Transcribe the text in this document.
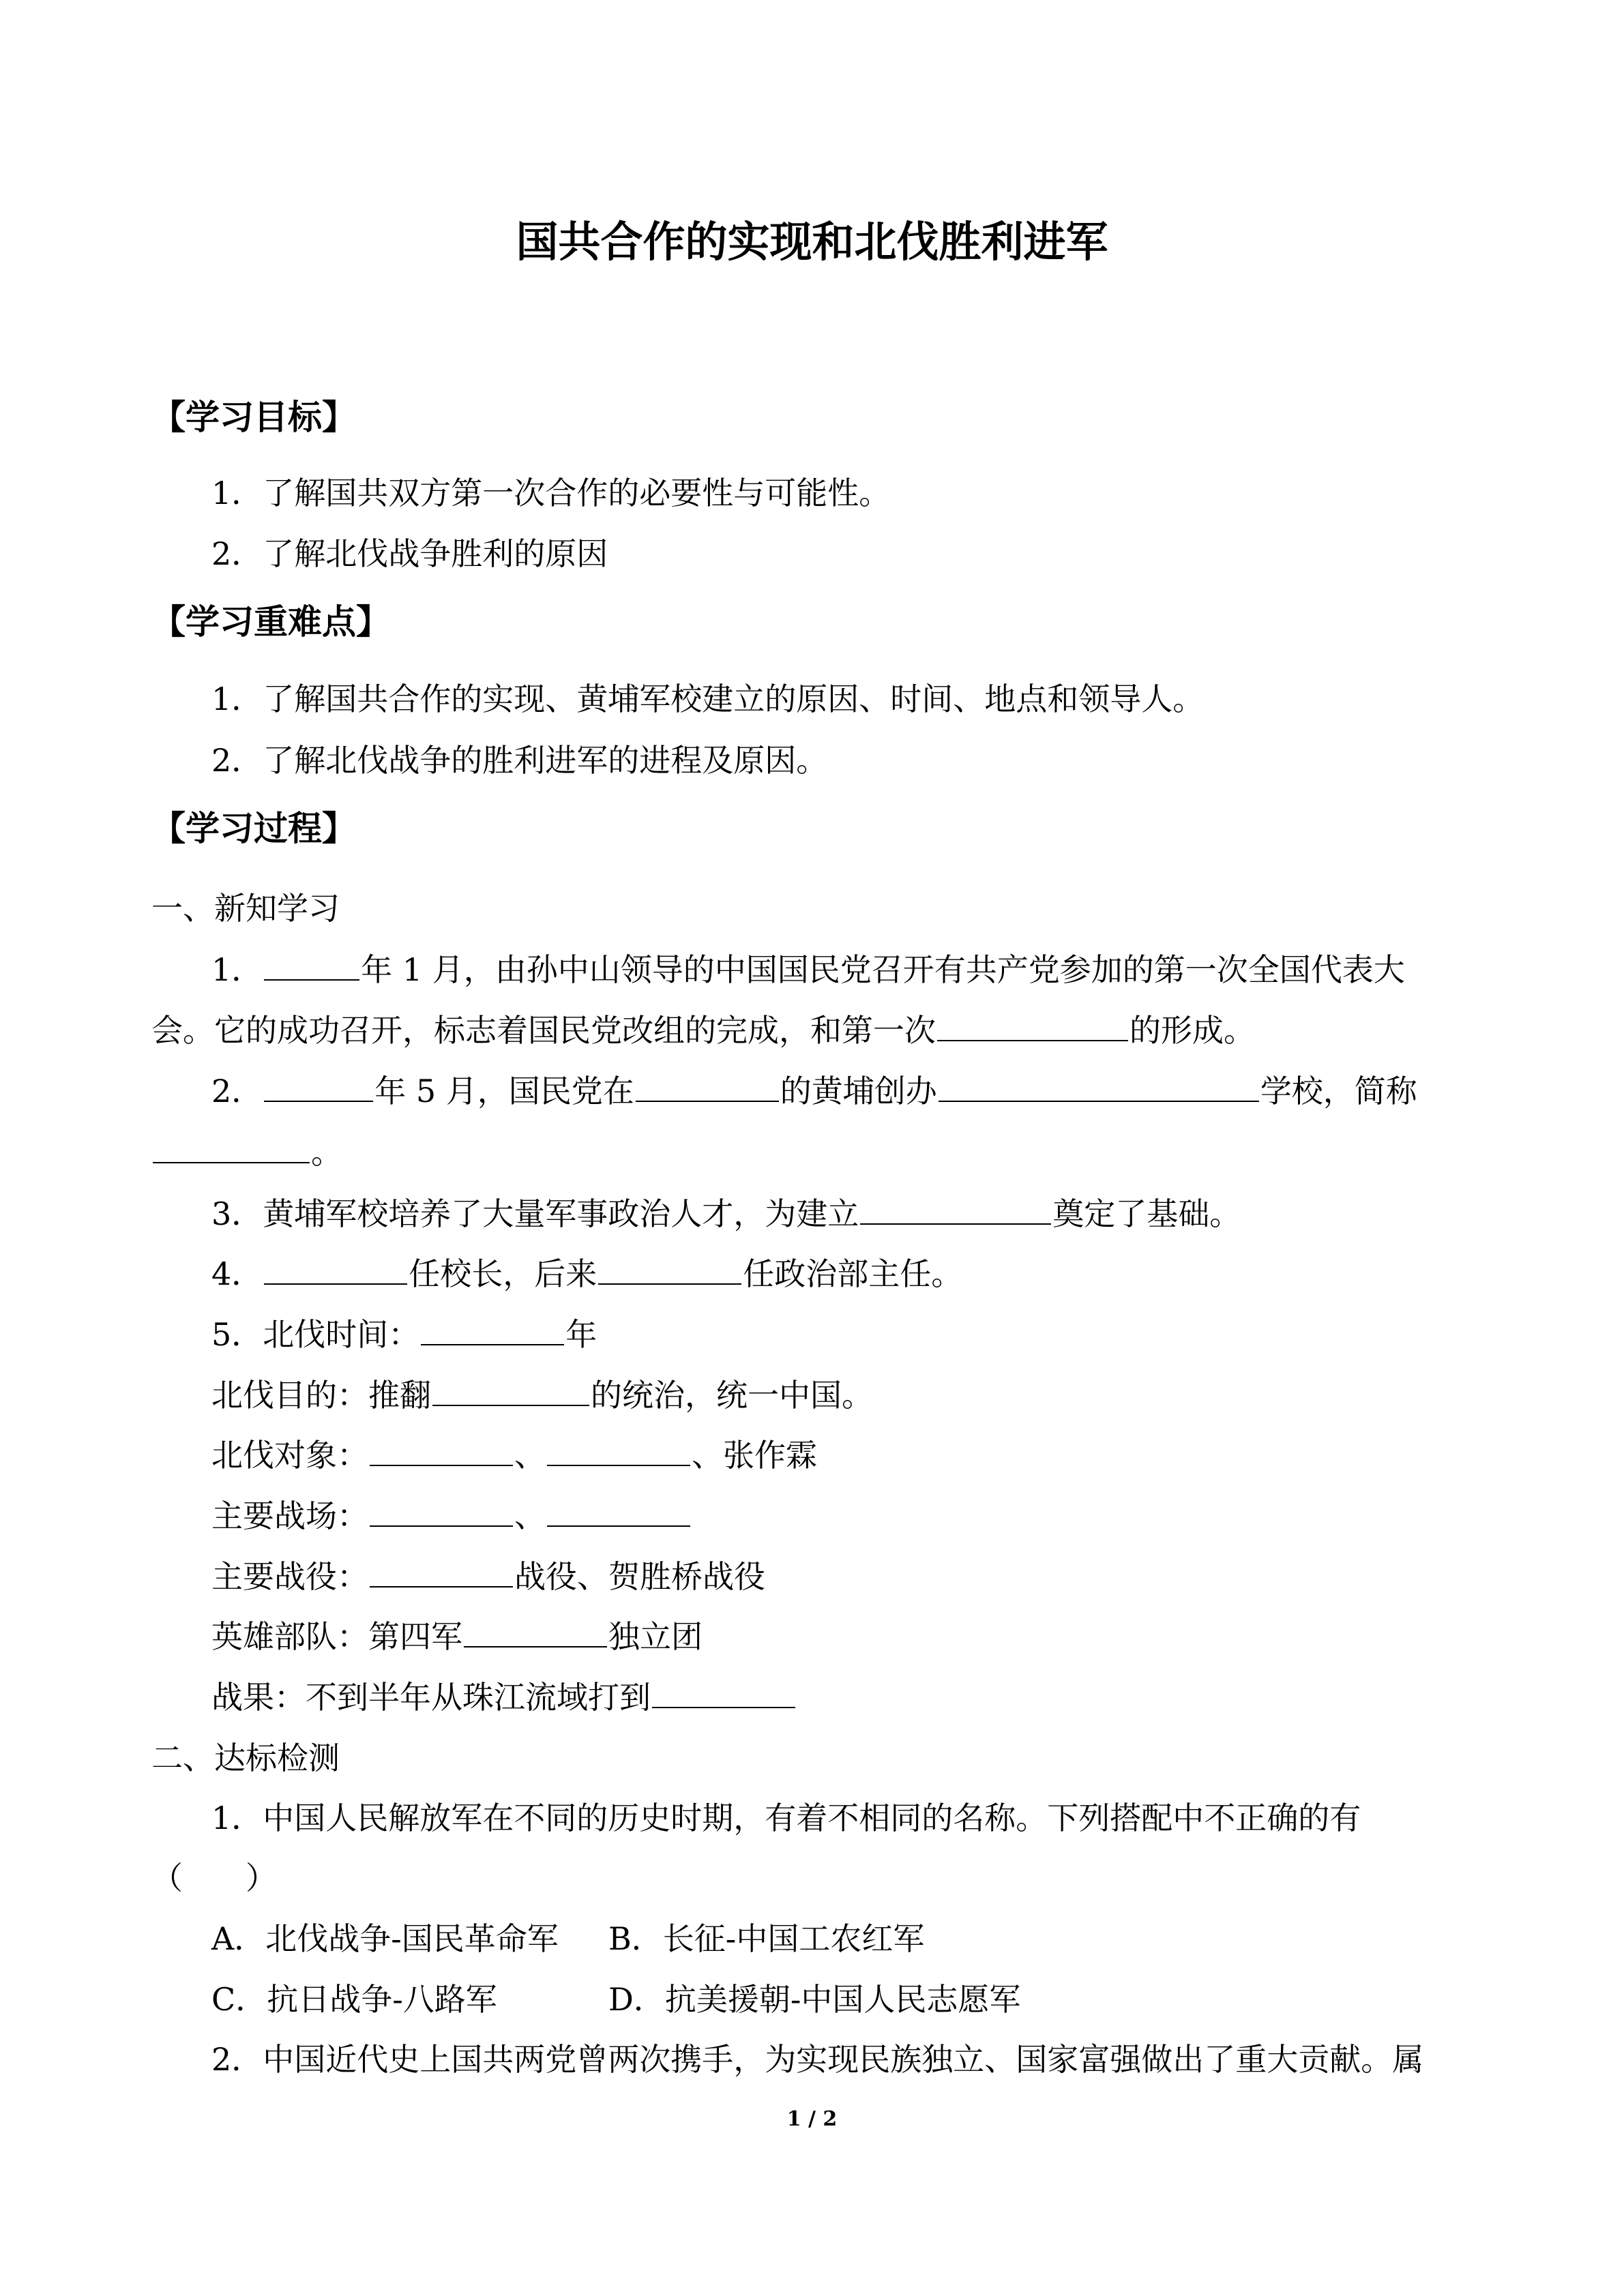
国共合作的实现和北伐胜利进军
【学习目标】
1．了解国共双方第一次合作的必要性与可能性。
2．了解北伐战争胜利的原因
【学习重难点】
1．了解国共合作的实现、黄埔军校建立的原因、时间、地点和领导人。
2．了解北伐战争的胜利进军的进程及原因。
【学习过程】
一、新知学习
1．	年 1 月，由孙中山领导的中国国民党召开有共产党参加的第一次全国代表大
会。它的成功召开，标志着国民党改组的完成，和第一次	的形成。
2．	年 5 月，国民党在	的黄埔创办	学校，简称
。
3．黄埔军校培养了大量军事政治人才，为建立	奠定了基础。
4．	任校长，后来	任政治部主任。
5．北伐时间：	年
北伐目的：推翻	的统治，统一中国。
北伐对象：	、	、张作霖
主要战场：	、
主要战役：	战役、贺胜桥战役
英雄部队：第四军	独立团
战果：不到半年从珠江流域打到
二、达标检测
1．中国人民解放军在不同的历史时期，有着不相同的名称。下列搭配中不正确的有
（　　）
A．北伐战争-国民革命军 B．长征-中国工农红军
C．抗日战争-八路军	D．抗美援朝-中国人民志愿军
2．中国近代史上国共两党曾两次携手，为实现民族独立、国家富强做出了重大贡献。属
1 / 2
